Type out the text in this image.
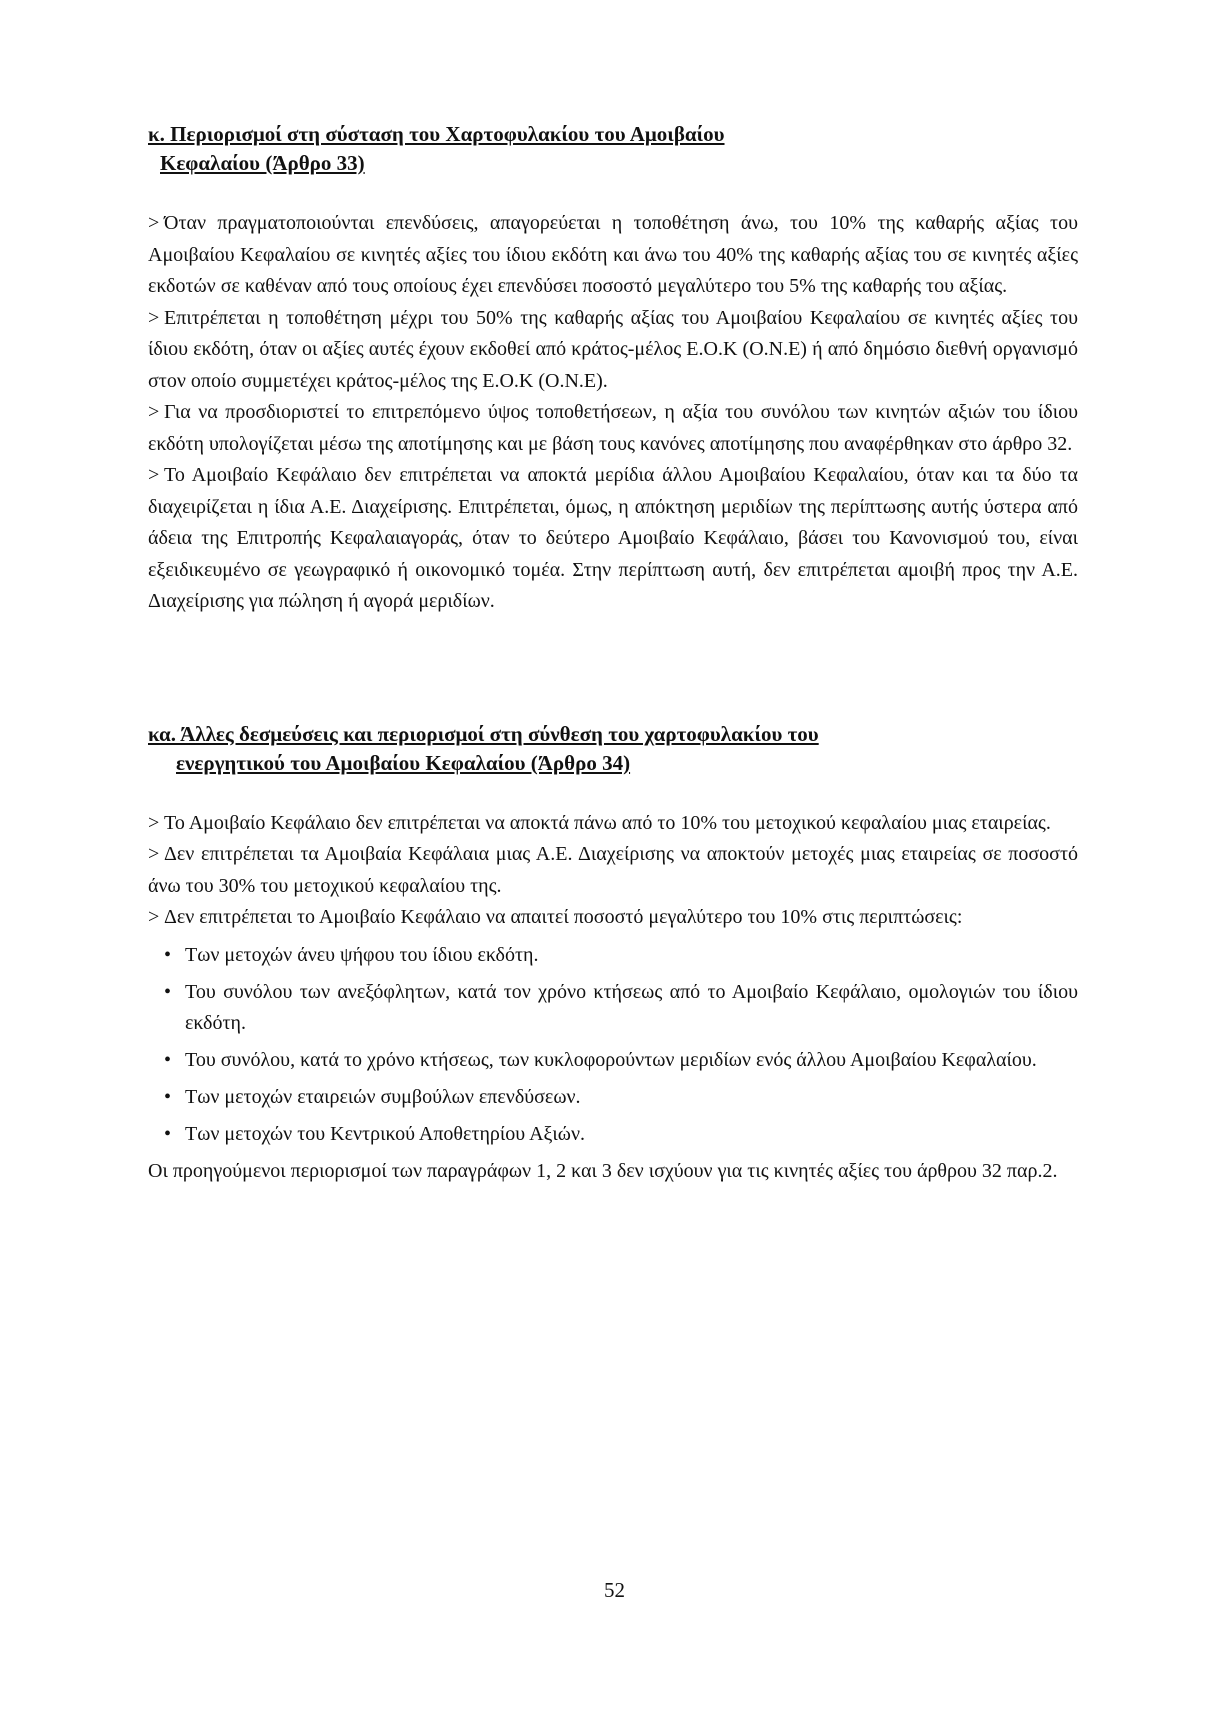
κ. Περιορισμοί στη σύσταση του Χαρτοφυλακίου του Αμοιβαίου
Κεφαλαίου (Άρθρο 33)

> Όταν πραγματοποιούνται επενδύσεις, απαγορεύεται η τοποθέτηση άνω, του 10% της καθαρής αξίας του Αμοιβαίου Κεφαλαίου σε κινητές αξίες του ίδιου εκδότη και άνω του 40% της καθαρής αξίας του σε κινητές αξίες εκδοτών σε καθέναν από τους οποίους έχει επενδύσει ποσοστό μεγαλύτερο του 5% της καθαρής του αξίας.

> Επιτρέπεται η τοποθέτηση μέχρι του 50% της καθαρής αξίας του Αμοιβαίου Κεφαλαίου σε κινητές αξίες του ίδιου εκδότη, όταν οι αξίες αυτές έχουν εκδοθεί από κράτος-μέλος Ε.Ο.Κ (Ο.Ν.Ε) ή από δημόσιο διεθνή οργανισμό στον οποίο συμμετέχει κράτος-μέλος της Ε.Ο.Κ (Ο.Ν.Ε).

> Για να προσδιοριστεί το επιτρεπόμενο ύψος τοποθετήσεων, η αξία του συνόλου των κινητών αξιών του ίδιου εκδότη υπολογίζεται μέσω της αποτίμησης και με βάση τους κανόνες αποτίμησης που αναφέρθηκαν στο άρθρο 32.

> Το Αμοιβαίο Κεφάλαιο δεν επιτρέπεται να αποκτά μερίδια άλλου Αμοιβαίου Κεφαλαίου, όταν και τα δύο τα διαχειρίζεται η ίδια Α.Ε. Διαχείρισης. Επιτρέπεται, όμως, η απόκτηση μεριδίων της περίπτωσης αυτής ύστερα από άδεια της Επιτροπής Κεφαλαιαγοράς, όταν το δεύτερο Αμοιβαίο Κεφάλαιο, βάσει του Κανονισμού του, είναι εξειδικευμένο σε γεωγραφικό ή οικονομικό τομέα. Στην περίπτωση αυτή, δεν επιτρέπεται αμοιβή προς την Α.Ε. Διαχείρισης για πώληση ή αγορά μεριδίων.

κα. Άλλες δεσμεύσεις και περιορισμοί στη σύνθεση του χαρτοφυλακίου του
ενεργητικού του Αμοιβαίου Κεφαλαίου (Άρθρο 34)

> Το Αμοιβαίο Κεφάλαιο δεν επιτρέπεται να αποκτά πάνω από το 10% του μετοχικού κεφαλαίου μιας εταιρείας.

> Δεν επιτρέπεται τα Αμοιβαία Κεφάλαια μιας Α.Ε. Διαχείρισης να αποκτούν μετοχές μιας εταιρείας σε ποσοστό άνω του 30% του μετοχικού κεφαλαίου της.

> Δεν επιτρέπεται το Αμοιβαίο Κεφάλαιο να απαιτεί ποσοστό μεγαλύτερο του 10% στις περιπτώσεις:

• Των μετοχών άνευ ψήφου του ίδιου εκδότη.

• Του συνόλου των ανεξόφλητων, κατά τον χρόνο κτήσεως από το Αμοιβαίο Κεφάλαιο, ομολογιών του ίδιου εκδότη.

• Του συνόλου, κατά το χρόνο κτήσεως, των κυκλοφορούντων μεριδίων ενός άλλου Αμοιβαίου Κεφαλαίου.

• Των μετοχών εταιρειών συμβούλων επενδύσεων.

• Των μετοχών του Κεντρικού Αποθετηρίου Αξιών.

Οι προηγούμενοι περιορισμοί των παραγράφων 1, 2 και 3 δεν ισχύουν για τις κινητές αξίες του άρθρου 32 παρ.2.

52
